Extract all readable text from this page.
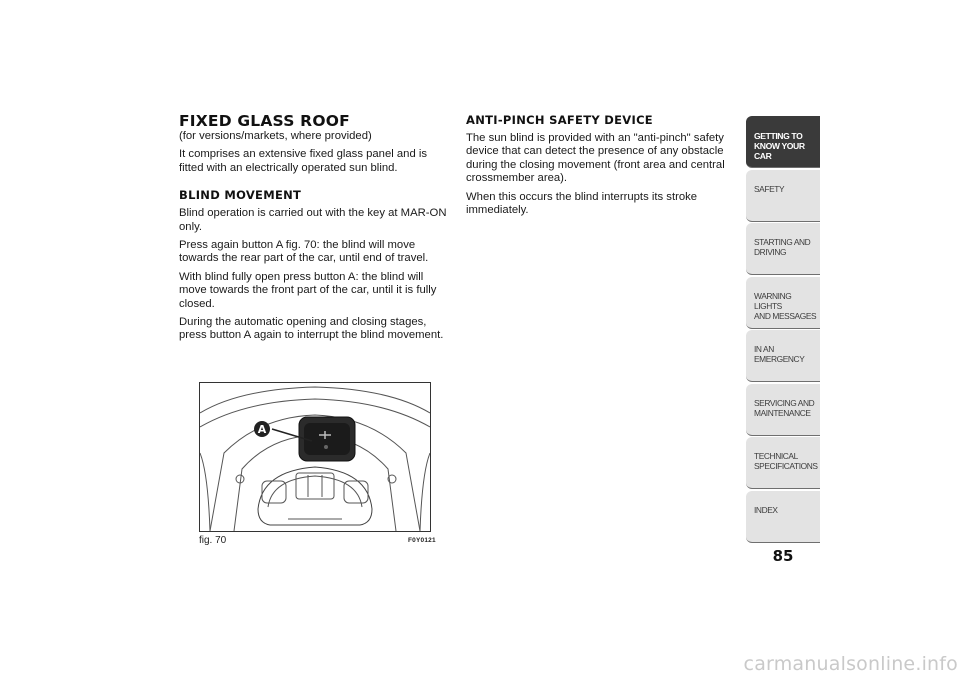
FIXED GLASS ROOF

(for versions/markets, where provided)

It comprises an extensive fixed glass panel and is fitted with an electrically operated sun blind.

BLIND MOVEMENT

Blind operation is carried out with the key at MAR-ON only.

Press again button A fig. 70: the blind will move towards the rear part of the car, until end of travel.

With blind fully open press button A: the blind will move towards the front part of the car, until it is fully closed.

During the automatic opening and closing stages, press button A again to interrupt the blind movement.

ANTI-PINCH SAFETY DEVICE

The sun blind is provided with an "anti-pinch" safety device that can detect the presence of any obstacle during the closing movement (front area and central crossmember area).

When this occurs the blind interrupts its stroke immediately.

A
fig. 70	F0Y0121
GETTING TO
KNOW YOUR CAR
SAFETY
STARTING AND
DRIVING
WARNING LIGHTS
AND MESSAGES
IN AN EMERGENCY
SERVICING AND
MAINTENANCE
TECHNICAL
SPECIFICATIONS
INDEX
85
carmanualsonline.info
